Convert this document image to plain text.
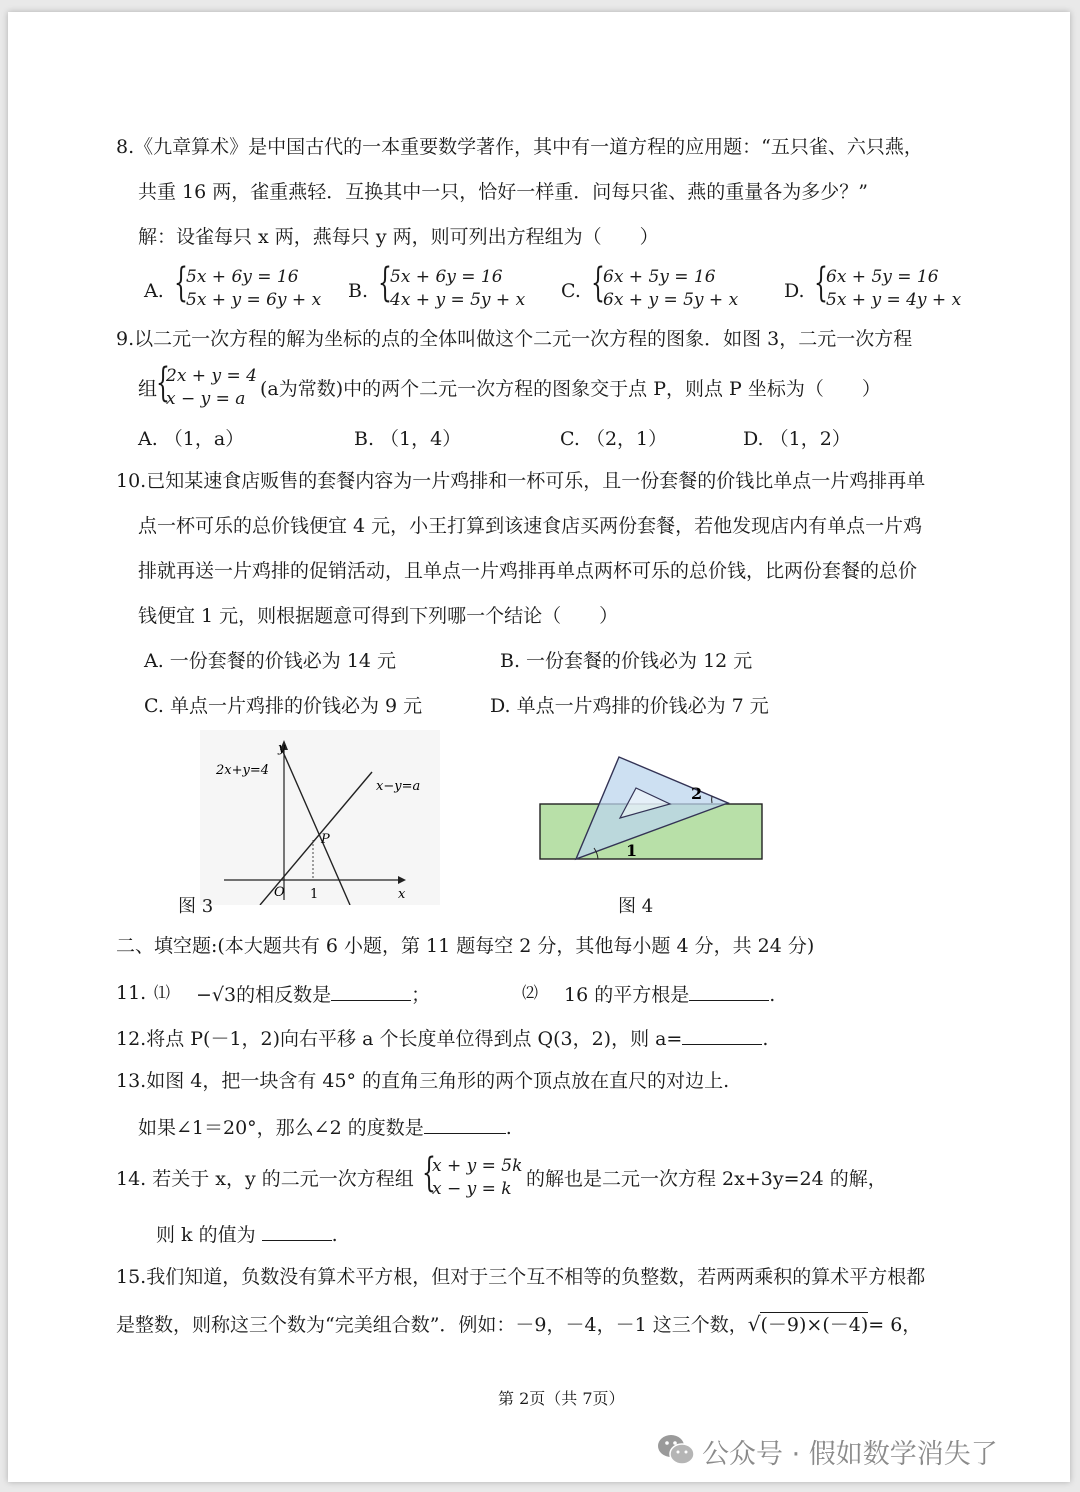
8.《九章算术》是中国古代的一本重要数学著作，其中有一道方程的应用题：“五只雀、六只燕，
共重 16 两，雀重燕轻．互换其中一只，恰好一样重．问每只雀、燕的重量各为多少？”
解：设雀每只 x 两，燕每只 y 两，则可列出方程组为（　　）
A. {
5x + 6y = 16
5x + y = 6y + x B. {
5x + 6y = 16
4x + y = 5y + x C. {
6x + 5y = 16
6x + y = 5y + x D. {
6x + 5y = 16
5x + y = 4y + x
9.以二元一次方程的解为坐标的点的全体叫做这个二元一次方程的图象．如图 3，二元一次方程
组
{
2x + y = 4
x − y = a (a为常数)中的两个二元一次方程的图象交于点 P，则点 P 坐标为（　　）
A. （1，a）	B. （1，4）	C. （2，1）	D. （1，2）
10.已知某速食店贩售的套餐内容为一片鸡排和一杯可乐，且一份套餐的价钱比单点一片鸡排再单
点一杯可乐的总价钱便宜 4 元，小王打算到该速食店买两份套餐，若他发现店内有单点一片鸡
排就再送一片鸡排的促销活动，且单点一片鸡排再单点两杯可乐的总价钱，比两份套餐的总价
钱便宜 1 元，则根据题意可得到下列哪一个结论（　　）
A. 一份套餐的价钱必为 14 元	B. 一份套餐的价钱必为 12 元
C. 单点一片鸡排的价钱必为 9 元	D. 单点一片鸡排的价钱必为 7 元
2x+y=4
x−y=a
y
x
O 1
P
图 3
1
2
图 4
二、填空题:(本大题共有 6 小题，第 11 题每空 2 分，其他每小题 4 分，共 24 分)
11. ⑴ −√3的相反数是	；	⑵ 16 的平方根是	.
12.将点 P(－1，2)向右平移 a 个长度单位得到点 Q(3，2)，则 a=	.
13.如图 4，把一块含有 45° 的直角三角形的两个顶点放在直尺的对边上.
如果∠1＝20°，那么∠2 的度数是	.
14. 若关于 x，y 的二元一次方程组 {
x + y = 5k
x − y = k 的解也是二元一次方程 2x+3y=24 的解，
则 k 的值为	.
15.我们知道，负数没有算术平方根，但对于三个互不相等的负整数，若两两乘积的算术平方根都
是整数，则称这三个数为“完美组合数”．例如：－9，－4，－1 这三个数，√(－9)×(－4)= 6，
第 2页（共 7页）
公众号 · 假如数学消失了
